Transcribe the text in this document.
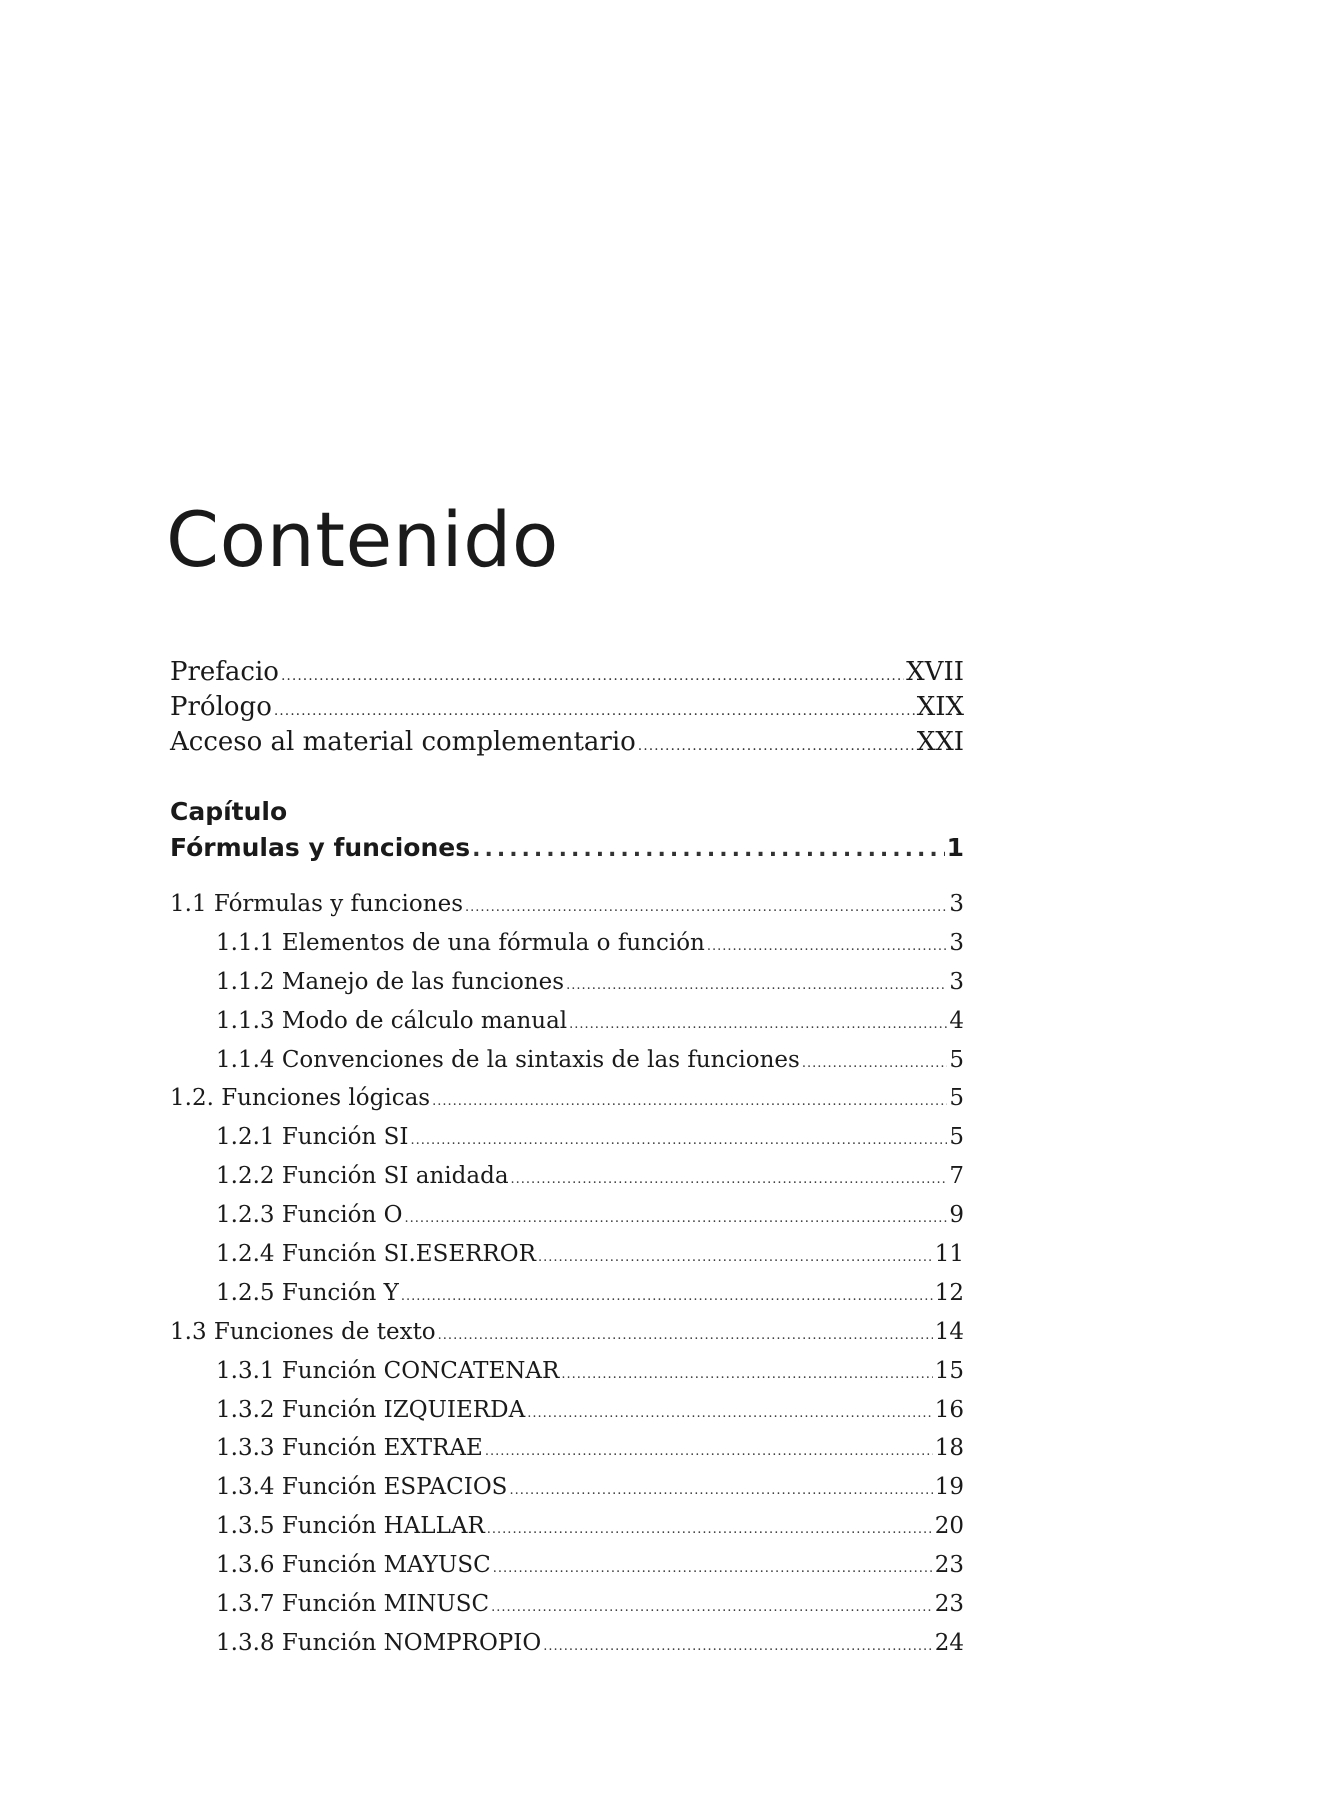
Contenido
Prefacio .....	XVII
Prólogo .....	XIX
Acceso al material complementario .....	XXI
Capítulo
Fórmulas y funciones .....	1
1.1 Fórmulas y funciones .....	3
1.1.1 Elementos de una fórmula o función .....	3
1.1.2 Manejo de las funciones .....	3
1.1.3 Modo de cálculo manual .....	4
1.1.4 Convenciones de la sintaxis de las funciones .....	5
1.2. Funciones lógicas .....	5
1.2.1 Función SI .....	5
1.2.2 Función SI anidada .....	7
1.2.3 Función O .....	9
1.2.4 Función SI.ESERROR .....	11
1.2.5 Función Y .....	12
1.3 Funciones de texto .....	14
1.3.1 Función CONCATENAR .....	15
1.3.2 Función IZQUIERDA .....	16
1.3.3 Función EXTRAE .....	18
1.3.4 Función ESPACIOS .....	19
1.3.5 Función HALLAR .....	20
1.3.6 Función MAYUSC .....	23
1.3.7 Función MINUSC .....	23
1.3.8 Función NOMPROPIO .....	24
